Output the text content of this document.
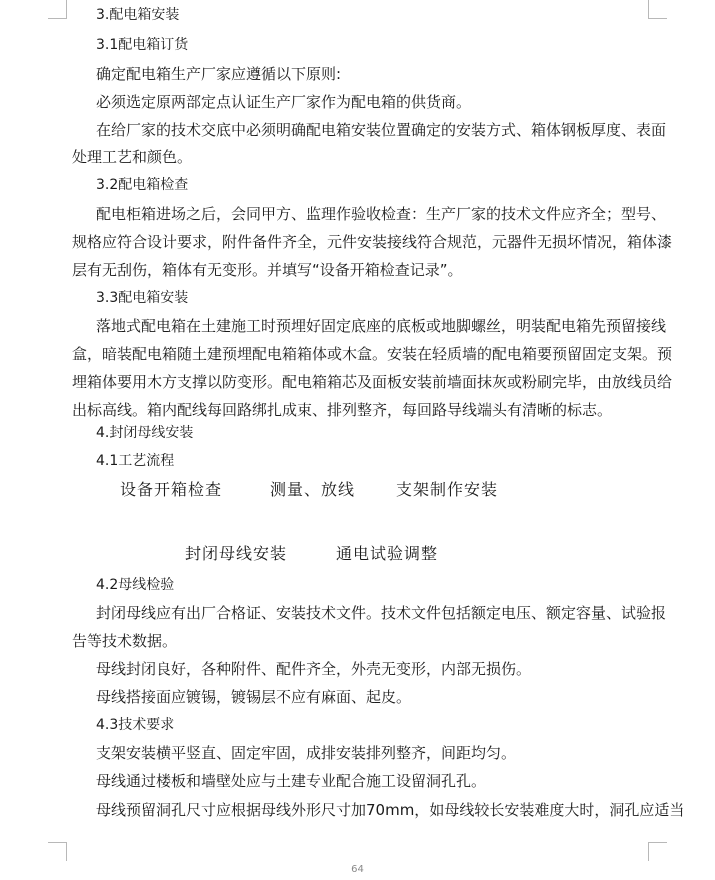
3.配电箱安装
3.1配电箱订货
确定配电箱生产厂家应遵循以下原则:
必须选定原两部定点认证生产厂家作为配电箱的供货商。
在给厂家的技术交底中必须明确配电箱安装位置确定的安装方式、箱体钢板厚度、表面
处理工艺和颜色。
3.2配电箱检查
配电柜箱进场之后，会同甲方、监理作验收检查：生产厂家的技术文件应齐全；型号、
规格应符合设计要求，附件备件齐全，元件安装接线符合规范，元器件无损坏情况，箱体漆
层有无刮伤，箱体有无变形。并填写“设备开箱检查记录”。
3.3配电箱安装
落地式配电箱在土建施工时预埋好固定底座的底板或地脚螺丝，明装配电箱先预留接线
盒，暗装配电箱随土建预埋配电箱箱体或木盒。安装在轻质墙的配电箱要预留固定支架。预
埋箱体要用木方支撑以防变形。配电箱箱芯及面板安装前墙面抹灰或粉刷完毕，由放线员给
出标高线。箱内配线每回路绑扎成束、排列整齐，每回路导线端头有清晰的标志。
4.封闭母线安装
4.1工艺流程
设备开箱检查	测量、放线	支架制作安装
封闭母线安装	通电试验调整
4.2母线检验
封闭母线应有出厂合格证、安装技术文件。技术文件包括额定电压、额定容量、试验报
告等技术数据。
母线封闭良好，各种附件、配件齐全，外壳无变形，内部无损伤。
母线搭接面应镀锡，镀锡层不应有麻面、起皮。
4.3技术要求
支架安装横平竖直、固定牢固，成排安装排列整齐，间距均匀。
母线通过楼板和墙壁处应与土建专业配合施工设留洞孔孔。
母线预留洞孔尺寸应根据母线外形尺寸加70mm，如母线较长安装难度大时，洞孔应适当
64
